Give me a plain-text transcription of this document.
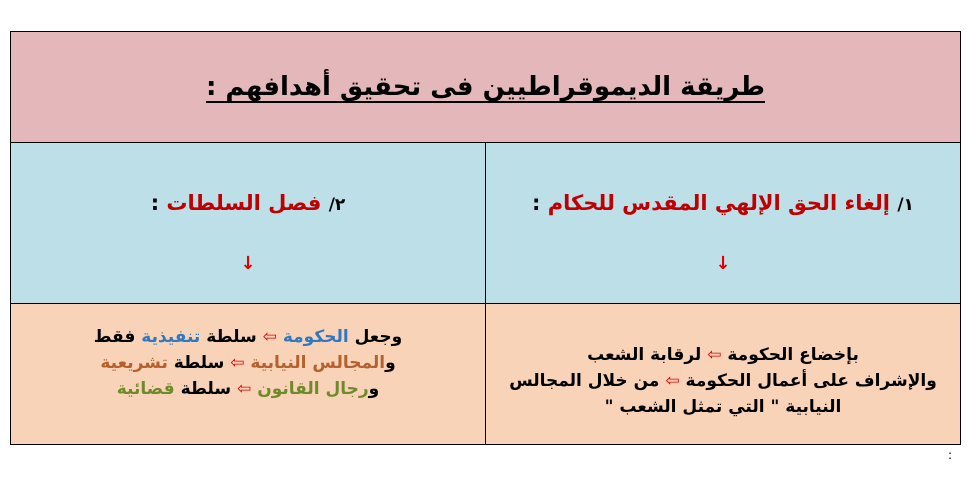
طريقة الديموقراطيين فى تحقيق أهدافهم :
١/ إلغاء الحق الإلهي المقدس للحكام :
↓
٢/ فصل السلطات :
↓
بإخضاع الحكومة ⇦ لرقابة الشعب
والإشراف على أعمال الحكومة ⇦ من خلال المجالس
النيابية " التي تمثل الشعب "
وجعل الحكومة ⇦ سلطة تنفيذية فقط
والمجالس النيابية ⇦ سلطة تشريعية
ورجال القانون ⇦ سلطة قضائية
:
